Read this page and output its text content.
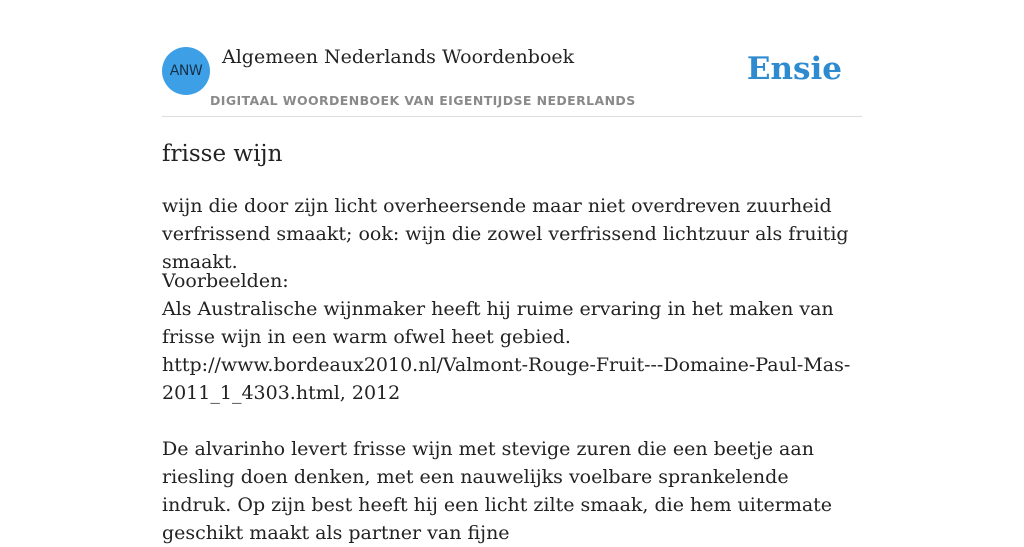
ANW
Algemeen Nederlands Woordenboek
DIGITAAL WOORDENBOEK VAN EIGENTIJDSE NEDERLANDS
Ensie
frisse wijn

wijn die door zijn licht overheersende maar niet overdreven zuurheid verfrissend smaakt; ook: wijn die zowel verfrissend lichtzuur als fruitig smaakt.

Voorbeelden:
Als Australische wijnmaker heeft hij ruime ervaring in het maken van frisse wijn in een warm ofwel heet gebied.
http://www.bordeaux2010.nl/Valmont-Rouge-Fruit---Domaine-Paul-Mas-2011_1_4303.html, 2012
De alvarinho levert frisse wijn met stevige zuren die een beetje aan riesling doen denken, met een nauwelijks voelbare sprankelende indruk. Op zijn best heeft hij een licht zilte smaak, die hem uitermate geschikt maakt als partner van fijne
